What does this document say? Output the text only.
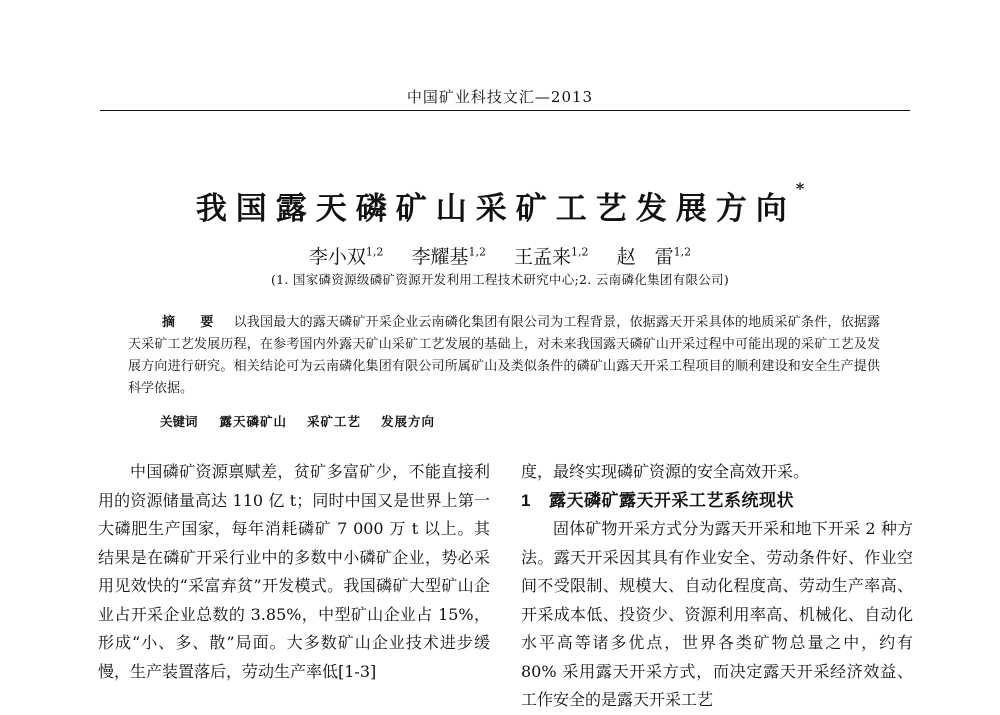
中国矿业科技文汇—2013
我国露天磷矿山采矿工艺发展方向*
李小双$^{1,2}$ 李耀基$^{1,2}$ 王孟来$^{1,2}$ 赵　雷$^{1,2}$
(1. 国家磷资源级磷矿资源开发利用工程技术研究中心;2. 云南磷化集团有限公司)
摘　要 以我国最大的露天磷矿开采企业云南磷化集团有限公司为工程背景，依据露天开采具体的地质采矿条件，依据露天采矿工艺发展历程，在参考国内外露天矿山采矿工艺发展的基础上，对未来我国露天磷矿山开采过程中可能出现的采矿工艺及发展方向进行研究。相关结论可为云南磷化集团有限公司所属矿山及类似条件的磷矿山露天开采工程项目的顺利建设和安全生产提供科学依据。
关键词 露天磷矿山 采矿工艺 发展方向

中国磷矿资源禀赋差，贫矿多富矿少，不能直接利用的资源储量高达 110 亿 t；同时中国又是世界上第一大磷肥生产国家，每年消耗磷矿 7 000 万 t 以上。其结果是在磷矿开采行业中的多数中小磷矿企业，势必采用见效快的“采富弃贫”开发模式。我国磷矿大型矿山企业占开采企业总数的 3.85%，中型矿山企业占 15%，形成“小、多、散”局面。大多数矿山企业技术进步缓慢，生产装置落后，劳动生产率低[1-3]

度，最终实现磷矿资源的安全高效开采。

1 露天磷矿露天开采工艺系统现状

固体矿物开采方式分为露天开采和地下开采 2 种方法。露天开采因其具有作业安全、劳动条件好、作业空间不受限制、规模大、自动化程度高、劳动生产率高、开采成本低、投资少、资源利用率高、机械化、自动化水平高等诸多优点，世界各类矿物总量之中，约有 80% 采用露天开采方式，而决定露天开采经济效益、工作安全的是露天开采工艺
